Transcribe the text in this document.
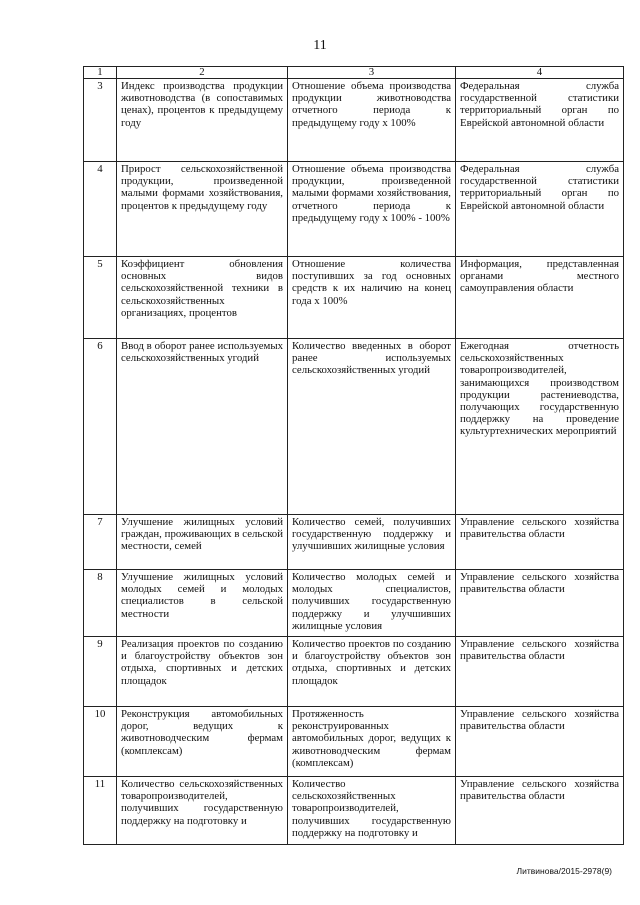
11
1	2	3	4
3	Индекс производства продукции животноводства (в сопоставимых ценах), процентов к предыдущему году	Отношение объема производства продукции животноводства отчетного периода к предыдущему году х 100%	Федеральная служба государственной статистики территориальный орган по Еврейской автономной области
4	Прирост сельскохозяйственной продукции, произведенной малыми формами хозяйствования, процентов к предыдущему году	Отношение объема производства продукции, произведенной малыми формами хозяйствования, отчетного периода к предыдущему году х 100% - 100%	Федеральная служба государственной статистики территориальный орган по Еврейской автономной области
5	Коэффициент обновления основных видов сельскохозяйственной техники в сельскохозяйственных организациях, процентов	Отношение количества поступивших за год основных средств к их наличию на конец года х 100%	Информация, представленная органами местного самоуправления области
6	Ввод в оборот ранее используемых сельскохозяйственных угодий	Количество введенных в оборот ранее используемых сельскохозяйственных угодий	Ежегодная отчетность сельскохозяйственных товаропроизводителей, занимающихся производством продукции растениеводства, получающих государственную поддержку на проведение культуртехнических мероприятий
7	Улучшение жилищных условий граждан, проживающих в сельской местности, семей	Количество семей, получивших государственную поддержку и улучшивших жилищные условия	Управление сельского хозяйства правительства области
8	Улучшение жилищных условий молодых семей и молодых специалистов в сельской местности	Количество молодых семей и молодых специалистов, получивших государственную поддержку и улучшивших жилищные условия	Управление сельского хозяйства правительства области
9	Реализация проектов по созданию и благоустройству объектов зон отдыха, спортивных и детских площадок	Количество проектов по созданию и благоустройству объектов зон отдыха, спортивных и детских площадок	Управление сельского хозяйства правительства области
10	Реконструкция автомобильных дорог, ведущих к животноводческим фермам (комплексам)	Протяженность реконструированных автомобильных дорог, ведущих к животноводческим фермам (комплексам)	Управление сельского хозяйства правительства области
11	Количество сельскохозяйственных товаропроизводителей, получивших государственную поддержку на подготовку и	Количество сельскохозяйственных товаропроизводителей, получивших государственную поддержку на подготовку и	Управление сельского хозяйства правительства области
Литвинова/2015-2978(9)
